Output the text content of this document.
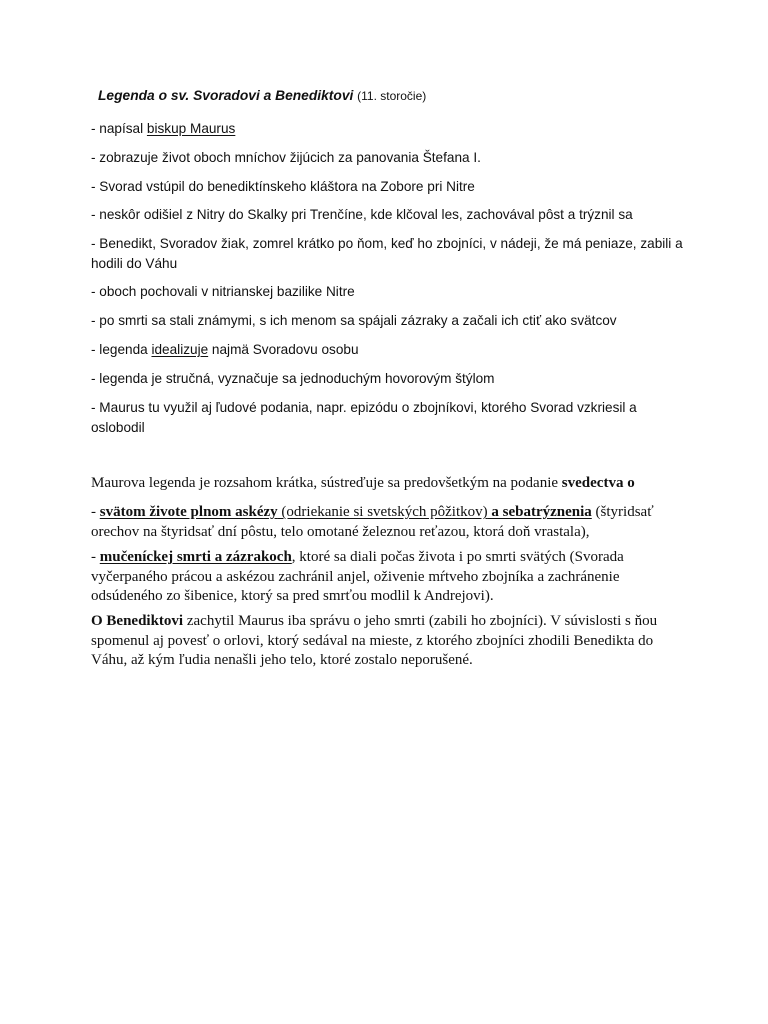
Legenda o sv. Svoradovi a Benediktovi (11. storočie)
- napísal biskup Maurus
- zobrazuje život oboch mníchov žijúcich za panovania Štefana I.
- Svorad vstúpil do benediktínskeho kláštora na Zobore pri Nitre
- neskôr odišiel z Nitry do Skalky pri Trenčíne, kde klčoval les, zachovával pôst a trýznil sa
- Benedikt, Svoradov žiak, zomrel krátko po ňom, keď ho zbojníci, v nádeji, že má peniaze, zabili a hodili do Váhu
- oboch pochovali v nitrianskej bazilike Nitre
- po smrti sa stali známymi, s ich menom sa spájali zázraky a začali ich ctiť ako svätcov
- legenda idealizuje najmä Svoradovu osobu
- legenda je stručná, vyznačuje sa jednoduchým hovorovým štýlom
- Maurus tu využil aj ľudové podania, napr. epizódu o zbojníkovi, ktorého Svorad vzkriesil a oslobodil
Maurova legenda je rozsahom krátka, sústreďuje sa predovšetkým na podanie svedectva o
- svätom živote plnom askézy (odriekanie si svetských pôžitkov) a sebatrýznenia (štyridsať orechov na štyridsať dní pôstu, telo omotané železnou reťazou, ktorá doň vrastala),
- mučeníckej smrti a zázrakoch, ktoré sa diali počas života i po smrti svätých (Svorada vyčerpaného prácou a askézou zachránil anjel, oživenie mŕtveho zbojníka a zachránenie odsúdeného zo šibenice, ktorý sa pred smrťou modlil k Andrejovi).
O Benediktovi zachytil Maurus iba správu o jeho smrti (zabili ho zbojníci). V súvislosti s ňou spomenul aj povesť o orlovi, ktorý sedával na mieste, z ktorého zbojníci zhodili Benedikta do Váhu, až kým ľudia nenašli jeho telo, ktoré zostalo neporušené.
